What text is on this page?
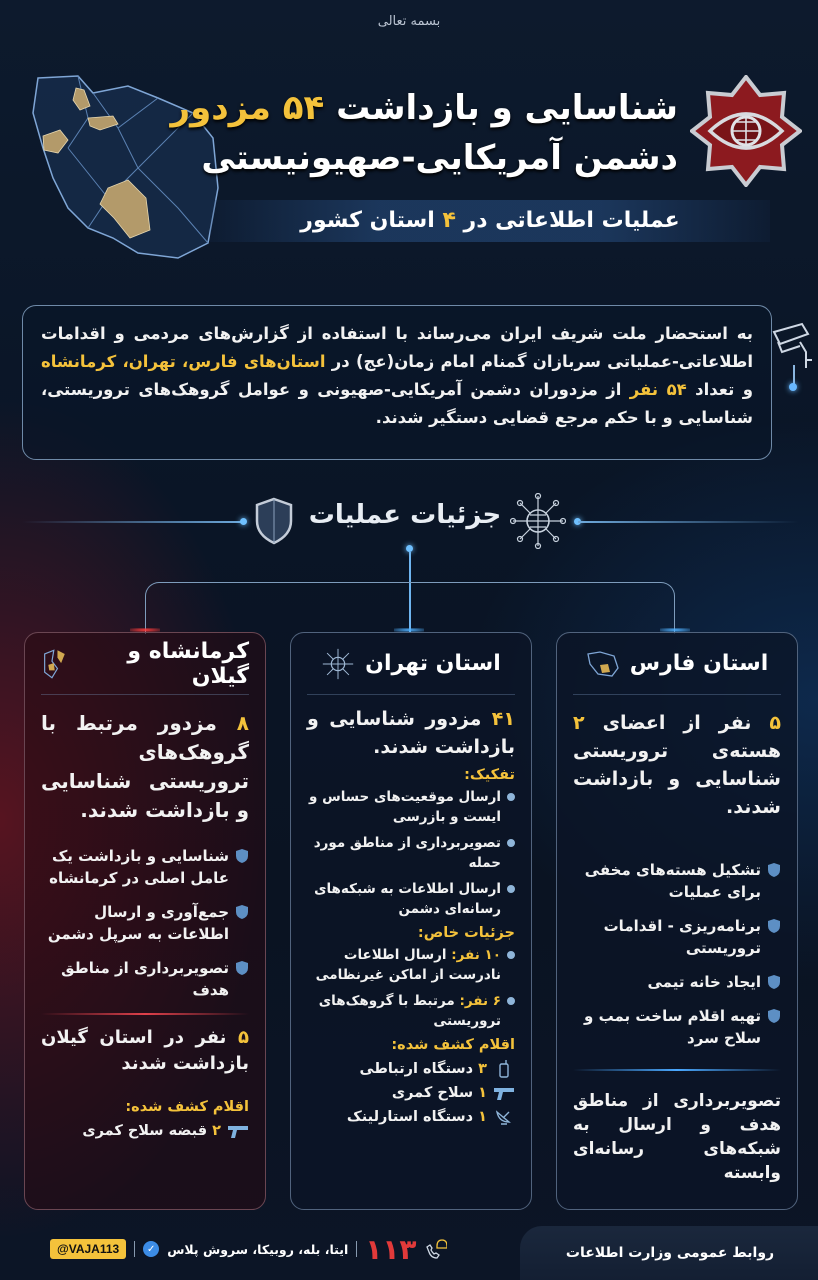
بسمه تعالی
شناسایی و بازداشت ۵۴ مزدور
دشمن آمریکایی-صهیونیستی
عملیات اطلاعاتی در ۴ استان کشور
به استحضار ملت شریف ایران می‌رساند با استفاده از گزارش‌های مردمی و اقدامات اطلاعاتی-عملیاتی سربازان گمنام امام زمان(عج) در استان‌های فارس، تهران، کرمانشاه و تعداد ۵۴ نفر از مزدوران دشمن آمریکایی-صهیونی و عوامل گروهک‌های تروریستی، شناسایی و با حکم مرجع قضایی دستگیر شدند.
جزئیات عملیات
استان فارس
۵ نفر از اعضای ۲ هسته‌ی تروریستی شناسایی و بازداشت شدند.
تشکیل هسته‌های مخفی برای عملیات
برنامه‌ریزی - اقدامات تروریستی
ایجاد خانه تیمی
تهیه اقلام ساخت بمب و سلاح سرد
تصویربرداری از مناطق هدف و ارسال به شبکه‌های رسانه‌ای وابسته
استان تهران
۴۱ مزدور شناسایی و بازداشت شدند.
تفکیک:
ارسال موقعیت‌های حساس و ایست و بازرسی
تصویربرداری از مناطق مورد حمله
ارسال اطلاعات به شبکه‌های رسانه‌ای دشمن
جزئیات خاص:
۱۰ نفر: ارسال اطلاعات نادرست از اماکن غیرنظامی
۶ نفر: مرتبط با گروهک‌های تروریستی
اقلام کشف شده:
۳ دستگاه ارتباطی
۱ سلاح کمری
۱ دستگاه استارلینک
کرمانشاه و گیلان
۸ مزدور مرتبط با گروهک‌های تروریستی شناسایی و بازداشت شدند.
شناسایی و بازداشت یک عامل اصلی در کرمانشاه
جمع‌آوری و ارسال اطلاعات به سرپل دشمن
تصویربرداری از مناطق هدف
۵ نفر در استان گیلان بازداشت شدند
اقلام کشف شده:
۲ قبضه سلاح کمری
۱۱۳
ایتا، بله، روبیکا، سروش پلاس
✓
@VAJA113	روابط عمومی وزارت اطلاعات
